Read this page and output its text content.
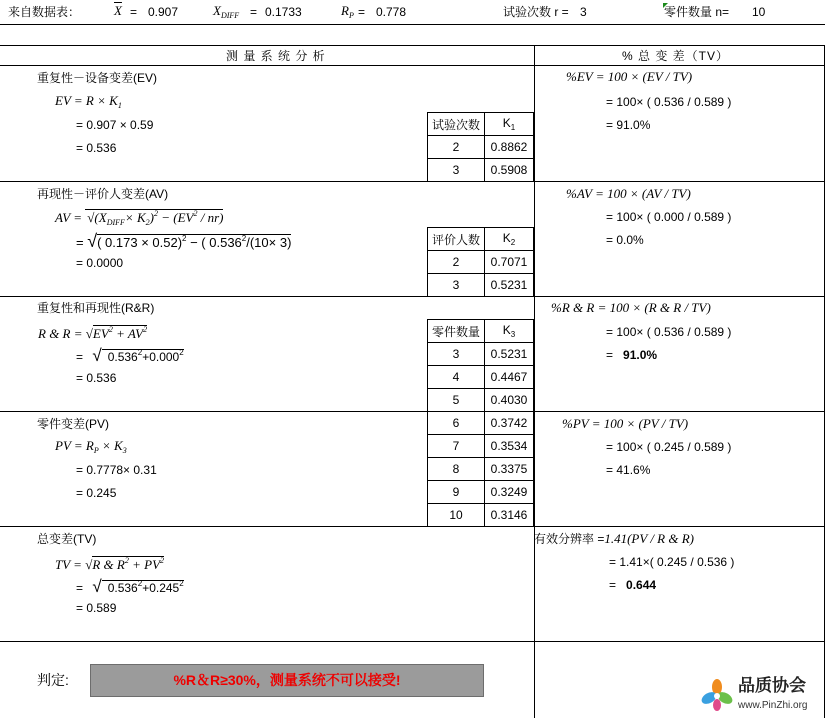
来自数据表：	$\overline{X} = 0.907$	$X_{DIFF} = 0.1733$	$R_P = 0.778$	试验次数 r = 3	零件数量 n= 10
测 量 系 统 分 析	% 总 变 差（TV）
重复性－设备变差(EV)
EV = $R \times K_1$
= 0.907 × 0.59
= 0.536
%EV = 100 × (EV / TV)
= 100× ( 0.536 / 0.589 )
= 91.0%
试验次数	$K_1$
2	0.8862
3	0.5908
再现性－评价人变差(AV)
AV = $√(X_{DIFF}\times K_2)^2 - (EV^2 / nr)$
= √( 0.173 × 0.52)$^2$ − ( $0.536^2/(10\times 3)$
= 0.0000
%AV = 100 × (AV / TV)
= 100× ( 0.000 / 0.589 )
= 0.0%
评价人数	$K_2$
2	0.7071
3	0.5231
重复性和再现性(R&R)
R & $R = √EV^2 + AV^2$
= √ $0.536^2+0.000^2$
= 0.536
%R & R = 100 × (R & R / TV)
= 100× ( 0.536 / 0.589 )
= 91.0%
零件数量	$K_3$
3	0.5231
4	0.4467
5	0.4030
6	0.3742
7	0.3534
8	0.3375
9	0.3249
10	0.3146
零件变差(PV)
PV = $R_P \times K_3$
= 0.7778× 0.31
= 0.245
%PV = 100 × (PV / TV)
= 100× ( 0.245 / 0.589 )
= 41.6%
总变差(TV)
TV = √R & $R^2 + PV^2$
= √ $0.536^2+0.245^2$
= 0.589
有效分辨率 =1.41(PV / R & R)
= 1.41×( 0.245 / 0.536 )
= 0.644
判定:	%R＆R≥30%，测量系统不可以接受!	品质协会
www.PinZhi.org
